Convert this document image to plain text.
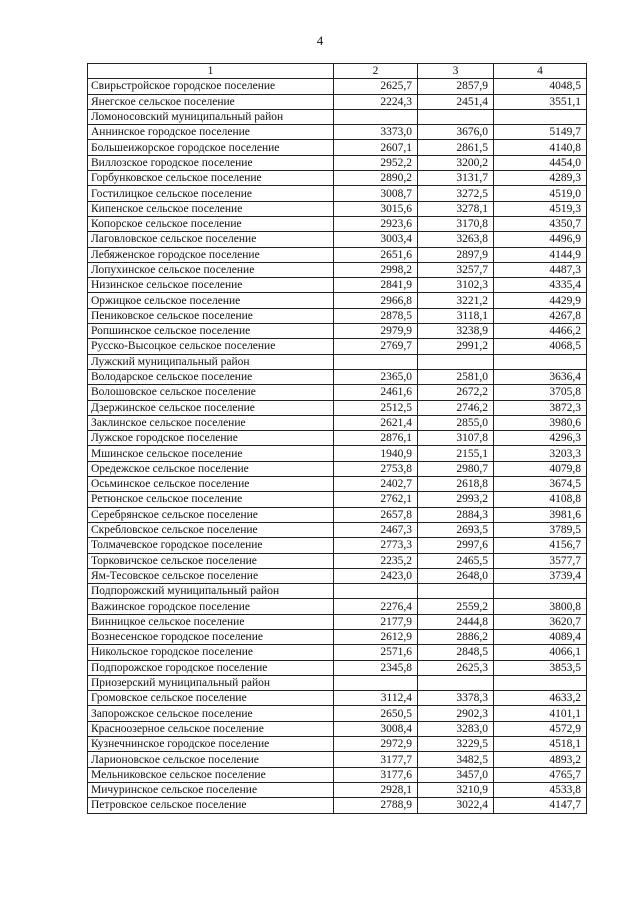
4
1	2	3	4
Свирьстройское городское поселение	2625,7	2857,9	4048,5
Янегское сельское поселение	2224,3	2451,4	3551,1
Ломоносовский муниципальный район			
Аннинское городское поселение	3373,0	3676,0	5149,7
Большеижорское городское поселение	2607,1	2861,5	4140,8
Виллозское городское поселение	2952,2	3200,2	4454,0
Горбунковское сельское поселение	2890,2	3131,7	4289,3
Гостилицкое сельское поселение	3008,7	3272,5	4519,0
Кипенское сельское поселение	3015,6	3278,1	4519,3
Копорское сельское поселение	2923,6	3170,8	4350,7
Лаговловское сельское поселение	3003,4	3263,8	4496,9
Лебяженское городское поселение	2651,6	2897,9	4144,9
Лопухинское сельское поселение	2998,2	3257,7	4487,3
Низинское сельское поселение	2841,9	3102,3	4335,4
Оржицкое сельское поселение	2966,8	3221,2	4429,9
Пениковское сельское поселение	2878,5	3118,1	4267,8
Ропшинское сельское поселение	2979,9	3238,9	4466,2
Русско-Высоцкое сельское поселение	2769,7	2991,2	4068,5
Лужский муниципальный район			
Володарское сельское поселение	2365,0	2581,0	3636,4
Волошовское сельское поселение	2461,6	2672,2	3705,8
Дзержинское сельское поселение	2512,5	2746,2	3872,3
Заклинское сельское поселение	2621,4	2855,0	3980,6
Лужское городское поселение	2876,1	3107,8	4296,3
Мшинское сельское поселение	1940,9	2155,1	3203,3
Оредежское сельское поселение	2753,8	2980,7	4079,8
Осьминское сельское поселение	2402,7	2618,8	3674,5
Ретюнское сельское поселение	2762,1	2993,2	4108,8
Серебрянское сельское поселение	2657,8	2884,3	3981,6
Скребловское сельское поселение	2467,3	2693,5	3789,5
Толмачевское городское поселение	2773,3	2997,6	4156,7
Торковичское сельское поселение	2235,2	2465,5	3577,7
Ям-Тесовское сельское поселение	2423,0	2648,0	3739,4
Подпорожский муниципальный район			
Важинское городское поселение	2276,4	2559,2	3800,8
Винницкое сельское поселение	2177,9	2444,8	3620,7
Вознесенское городское поселение	2612,9	2886,2	4089,4
Никольское городское поселение	2571,6	2848,5	4066,1
Подпорожское городское поселение	2345,8	2625,3	3853,5
Приозерский муниципальный район			
Громовское сельское поселение	3112,4	3378,3	4633,2
Запорожское сельское поселение	2650,5	2902,3	4101,1
Красноозерное сельское поселение	3008,4	3283,0	4572,9
Кузнечнинское городское поселение	2972,9	3229,5	4518,1
Ларионовское сельское поселение	3177,7	3482,5	4893,2
Мельниковское сельское поселение	3177,6	3457,0	4765,7
Мичуринское сельское поселение	2928,1	3210,9	4533,8
Петровское сельское поселение	2788,9	3022,4	4147,7
